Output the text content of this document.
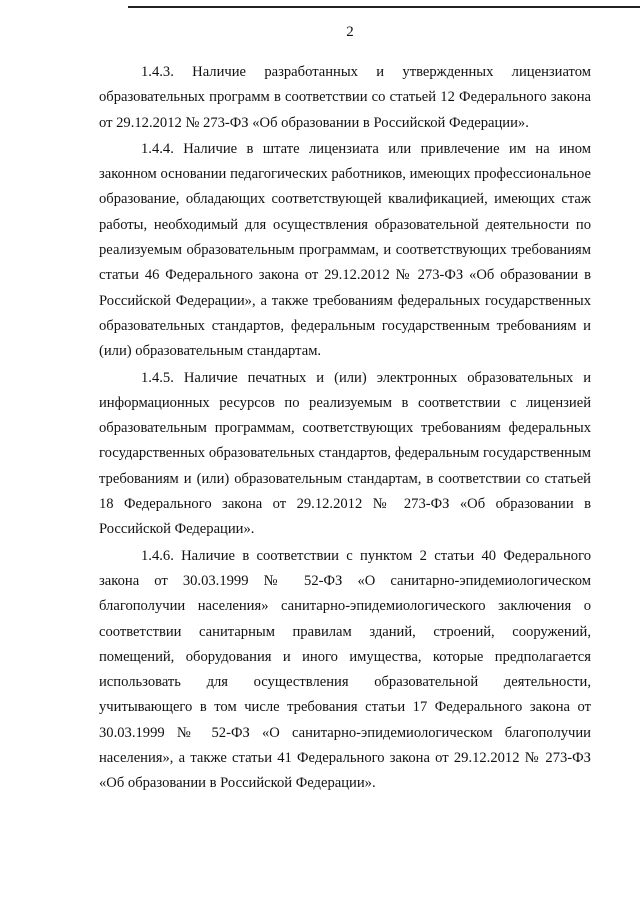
2

1.4.3. Наличие разработанных и утвержденных лицензиатом образовательных программ в соответствии со статьей 12 Федерального закона от 29.12.2012 № 273-ФЗ «Об образовании в Российской Федерации».

1.4.4. Наличие в штате лицензиата или привлечение им на ином законном основании педагогических работников, имеющих профессиональное образование, обладающих соответствующей квалификацией, имеющих стаж работы, необходимый для осуществления образовательной деятельности по реализуемым образовательным программам, и соответствующих требованиям статьи 46 Федерального закона от 29.12.2012 № 273-ФЗ «Об образовании в Российской Федерации», а также требованиям федеральных государственных образовательных стандартов, федеральным государственным требованиям и (или) образовательным стандартам.

1.4.5. Наличие печатных и (или) электронных образовательных и информационных ресурсов по реализуемым в соответствии с лицензией образовательным программам, соответствующих требованиям федеральных государственных образовательных стандартов, федеральным государственным требованиям и (или) образовательным стандартам, в соответствии со статьей 18 Федерального закона от 29.12.2012 № 273-ФЗ «Об образовании в Российской Федерации».

1.4.6. Наличие в соответствии с пунктом 2 статьи 40 Федерального закона от 30.03.1999 № 52-ФЗ «О санитарно-эпидемиологическом благополучии населения» санитарно-эпидемиологического заключения о соответствии санитарным правилам зданий, строений, сооружений, помещений, оборудования и иного имущества, которые предполагается использовать для осуществления образовательной деятельности, учитывающего в том числе требования статьи 17 Федерального закона от 30.03.1999 № 52-ФЗ «О санитарно-эпидемиологическом благополучии населения», а также статьи 41 Федерального закона от 29.12.2012 № 273-ФЗ «Об образовании в Российской Федерации».
